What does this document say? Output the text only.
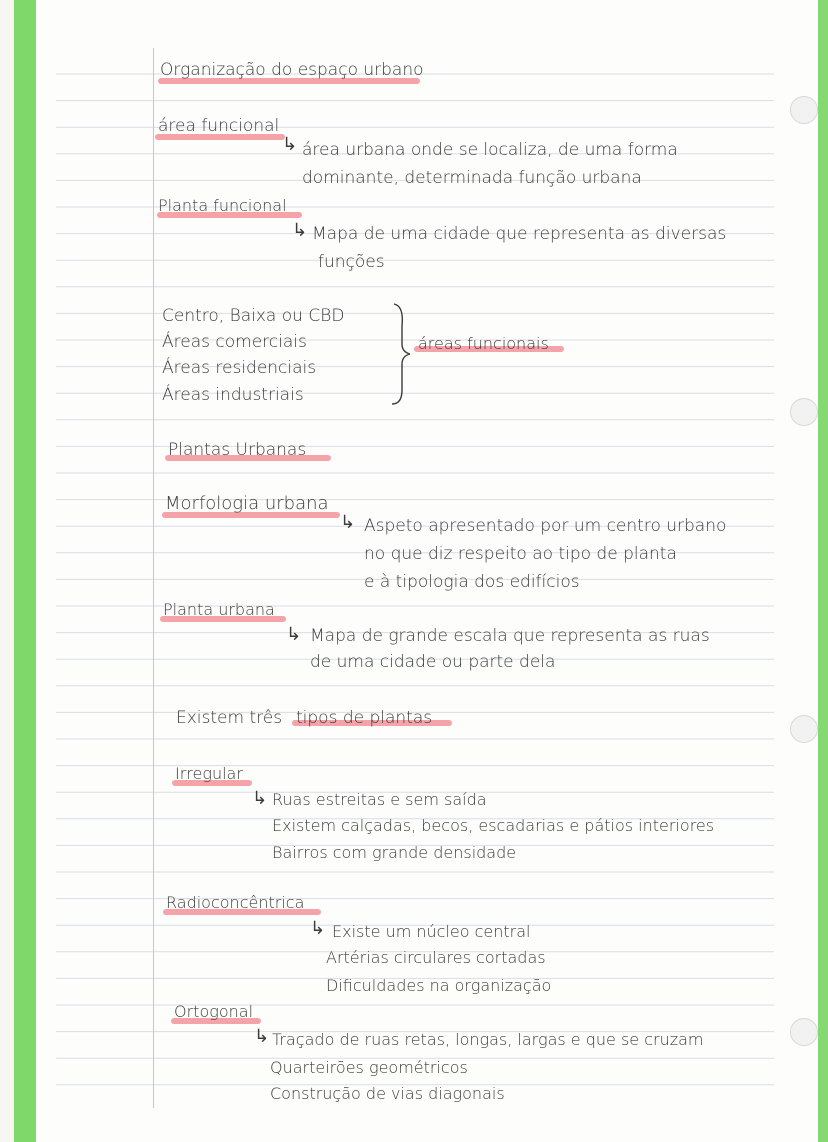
Organização do espaço urbano
área funcional
↳ área urbana onde se localiza, de uma forma
dominante, determinada função urbana
Planta funcional
↳ Mapa de uma cidade que representa as diversas
funções
Centro, Baixa ou CBD
Áreas comerciais
Áreas residenciais
Áreas industriais
áreas funcionais
Plantas Urbanas
Morfologia urbana
↳ Aspeto apresentado por um centro urbano
no que diz respeito ao tipo de planta
e à tipologia dos edifícios
Planta urbana
↳ Mapa de grande escala que representa as ruas
de uma cidade ou parte dela
Existem três tipos de plantas
Irregular
↳ Ruas estreitas e sem saída
Existem calçadas, becos, escadarias e pátios interiores
Bairros com grande densidade
Radioconcêntrica
↳ Existe um núcleo central
Artérias circulares cortadas
Dificuldades na organização
Ortogonal
↳ Traçado de ruas retas, longas, largas e que se cruzam
Quarteirões geométricos
Construção de vias diagonais
